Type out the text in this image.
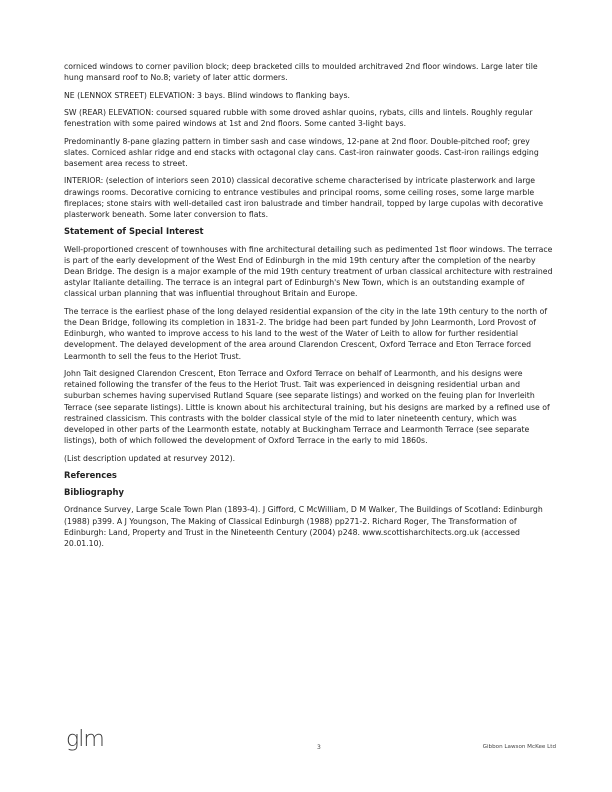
corniced windows to corner pavilion block; deep bracketed cills to moulded architraved 2nd floor windows. Large later tile hung mansard roof to No.8; variety of later attic dormers.

NE (LENNOX STREET) ELEVATION: 3 bays. Blind windows to flanking bays.

SW (REAR) ELEVATION: coursed squared rubble with some droved ashlar quoins, rybats, cills and lintels. Roughly regular fenestration with some paired windows at 1st and 2nd floors. Some canted 3-light bays.

Predominantly 8-pane glazing pattern in timber sash and case windows, 12-pane at 2nd floor. Double-pitched roof; grey slates. Corniced ashlar ridge and end stacks with octagonal clay cans. Cast-iron rainwater goods. Cast-iron railings edging basement area recess to street.

INTERIOR: (selection of interiors seen 2010) classical decorative scheme characterised by intricate plasterwork and large drawings rooms. Decorative cornicing to entrance vestibules and principal rooms, some ceiling roses, some large marble fireplaces; stone stairs with well-detailed cast iron balustrade and timber handrail, topped by large cupolas with decorative plasterwork beneath. Some later conversion to flats.

Statement of Special Interest

Well-proportioned crescent of townhouses with fine architectural detailing such as pedimented 1st floor windows. The terrace is part of the early development of the West End of Edinburgh in the mid 19th century after the completion of the nearby Dean Bridge. The design is a major example of the mid 19th century treatment of urban classical architecture with restrained astylar Italiante detailing. The terrace is an integral part of Edinburgh's New Town, which is an outstanding example of classical urban planning that was influential throughout Britain and Europe.

The terrace is the earliest phase of the long delayed residential expansion of the city in the late 19th century to the north of the Dean Bridge, following its completion in 1831-2. The bridge had been part funded by John Learmonth, Lord Provost of Edinburgh, who wanted to improve access to his land to the west of the Water of Leith to allow for further residential development. The delayed development of the area around Clarendon Crescent, Oxford Terrace and Eton Terrace forced Learmonth to sell the feus to the Heriot Trust.

John Tait designed Clarendon Crescent, Eton Terrace and Oxford Terrace on behalf of Learmonth, and his designs were retained following the transfer of the feus to the Heriot Trust. Tait was experienced in deisgning residential urban and suburban schemes having supervised Rutland Square (see separate listings) and worked on the feuing plan for Inverleith Terrace (see separate listings). Little is known about his architectural training, but his designs are marked by a refined use of restrained classicism. This contrasts with the bolder classical style of the mid to later nineteenth century, which was developed in other parts of the Learmonth estate, notably at Buckingham Terrace and Learmonth Terrace (see separate listings), both of which followed the development of Oxford Terrace in the early to mid 1860s.

(List description updated at resurvey 2012).

References
Bibliography

Ordnance Survey, Large Scale Town Plan (1893-4). J Gifford, C McWilliam, D M Walker, The Buildings of Scotland: Edinburgh (1988) p399. A J Youngson, The Making of Classical Edinburgh (1988) pp271-2. Richard Roger, The Transformation of Edinburgh: Land, Property and Trust in the Nineteenth Century (2004) p248. www.scottisharchitects.org.uk (accessed 20.01.10).

glm	3	Gibbon Lawson McKee Ltd
